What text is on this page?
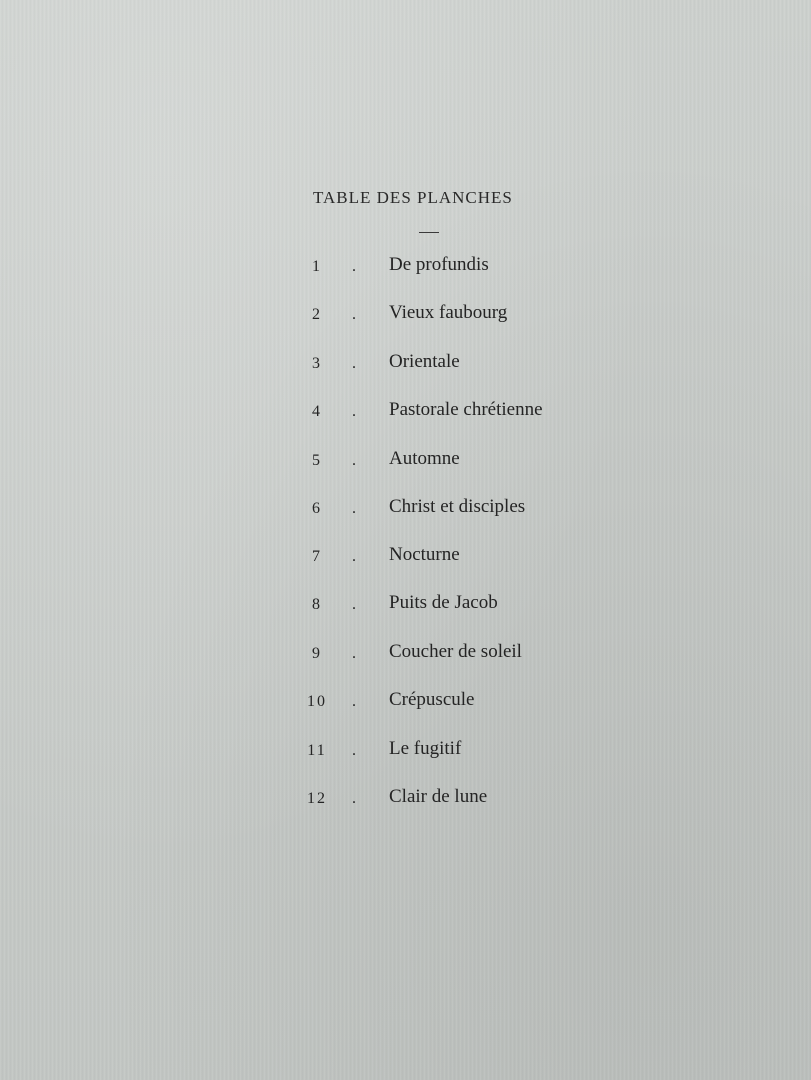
TABLE DES PLANCHES
1	. De profundis
2	. Vieux faubourg
3	. Orientale
4	. Pastorale chrétienne
5	. Automne
6	. Christ et disciples
7	. Nocturne
8	. Puits de Jacob
9	. Coucher de soleil
10	. Crépuscule
11	. Le fugitif
12	. Clair de lune
